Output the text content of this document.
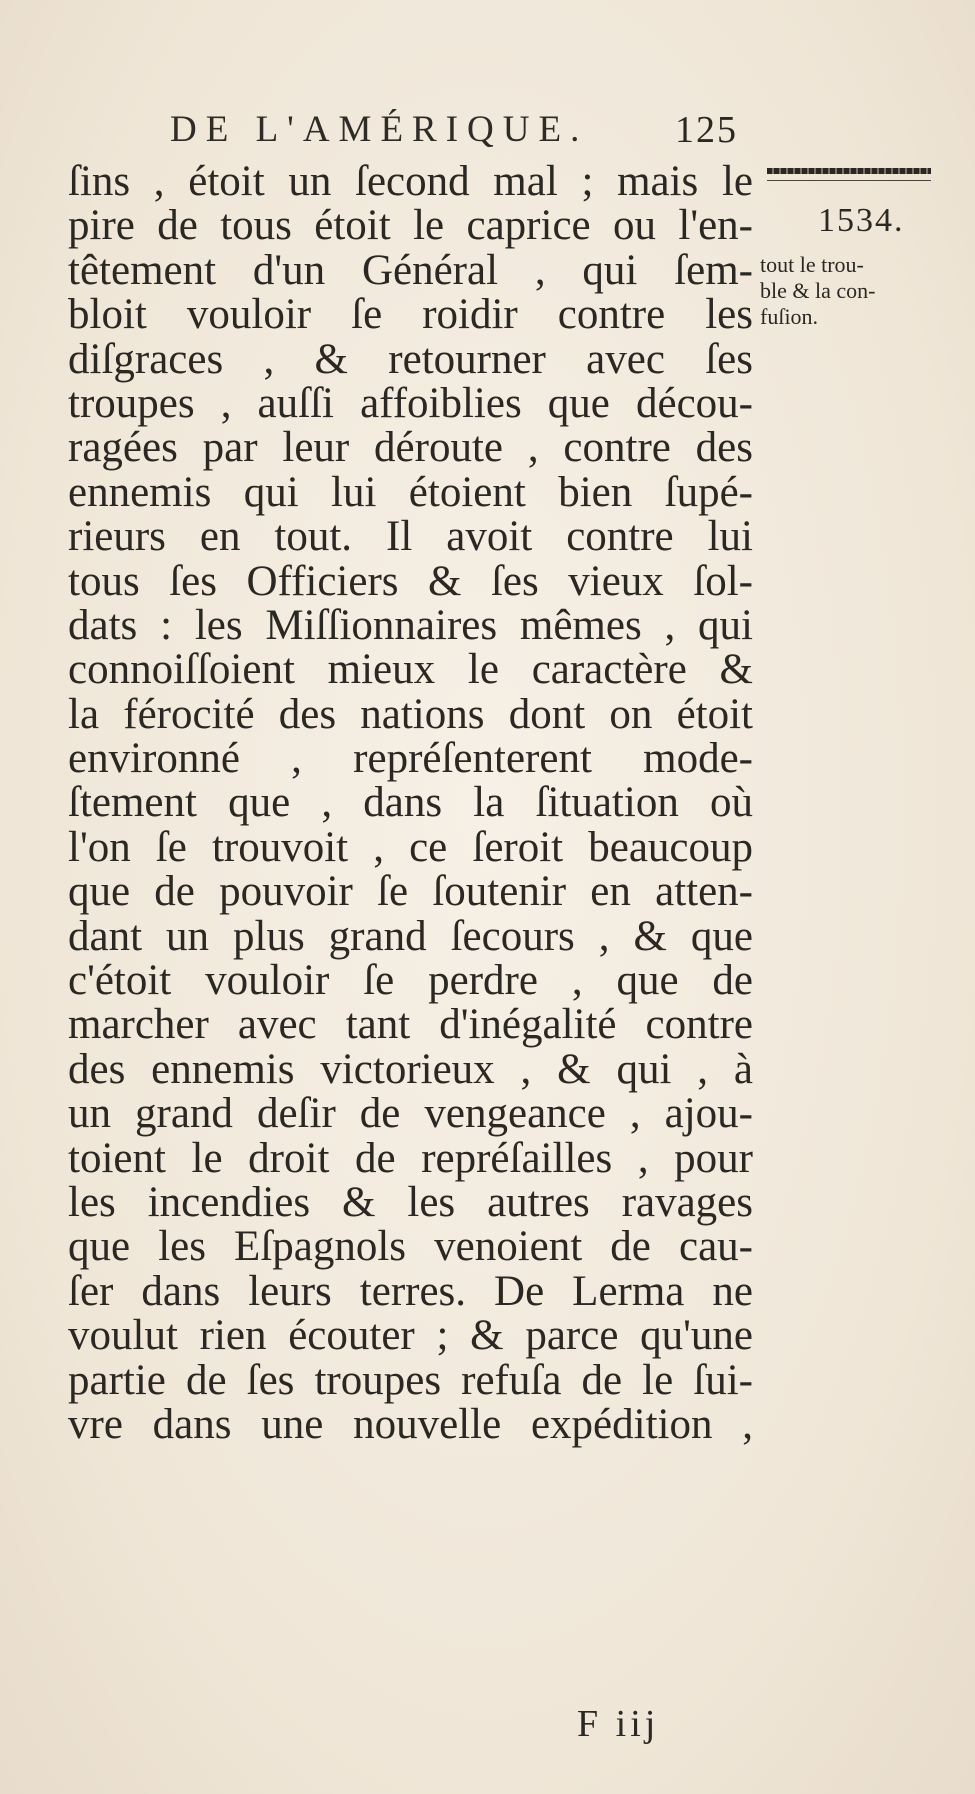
DE L'AMÉRIQUE. 125
1534.
tout le trou-
ble & la con-
fuſion.
ſins , étoit un ſecond mal ; mais le
pire de tous étoit le caprice ou l'en-
têtement d'un Général , qui ſem-
bloit vouloir ſe roidir contre les
diſgraces , & retourner avec ſes
troupes , auſſi affoiblies que décou-
ragées par leur déroute , contre des
ennemis qui lui étoient bien ſupé-
rieurs en tout. Il avoit contre lui
tous ſes Officiers & ſes vieux ſol-
dats : les Miſſionnaires mêmes , qui
connoiſſoient mieux le caractère &
la férocité des nations dont on étoit
environné , repréſenterent mode-
ſtement que , dans la ſituation où
l'on ſe trouvoit , ce ſeroit beaucoup
que de pouvoir ſe ſoutenir en atten-
dant un plus grand ſecours , & que
c'étoit vouloir ſe perdre , que de
marcher avec tant d'inégalité contre
des ennemis victorieux , & qui , à
un grand deſir de vengeance , ajou-
toient le droit de repréſailles , pour
les incendies & les autres ravages
que les Eſpagnols venoient de cau-
ſer dans leurs terres. De Lerma ne
voulut rien écouter ; & parce qu'une
partie de ſes troupes refuſa de le ſui-
vre dans une nouvelle expédition ,
F iij
